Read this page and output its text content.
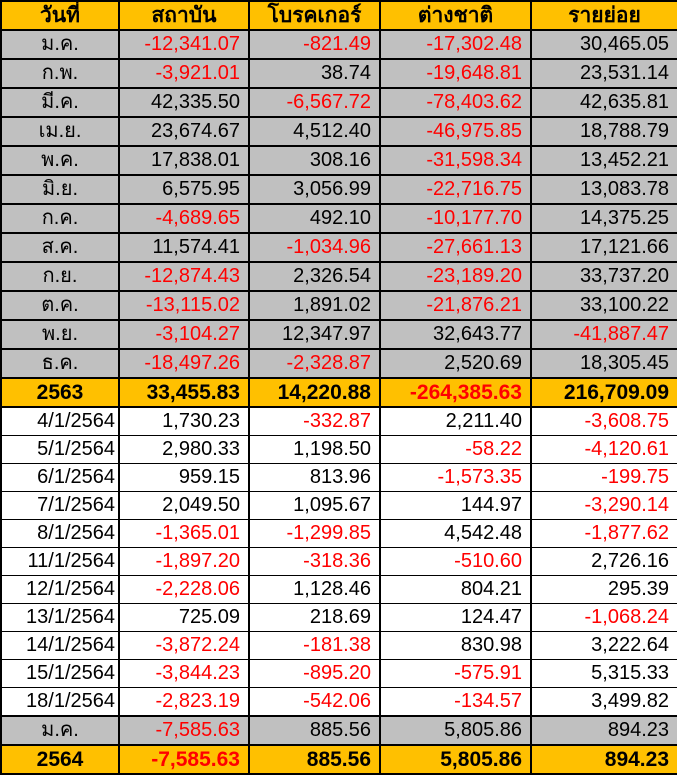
วันที่	สถาบัน	โบรคเกอร์	ต่างชาติ	รายย่อย
ม.ค.	-12,341.07	-821.49	-17,302.48	30,465.05
ก.พ.	-3,921.01	38.74	-19,648.81	23,531.14
มี.ค.	42,335.50	-6,567.72	-78,403.62	42,635.81
เม.ย.	23,674.67	4,512.40	-46,975.85	18,788.79
พ.ค.	17,838.01	308.16	-31,598.34	13,452.21
มิ.ย.	6,575.95	3,056.99	-22,716.75	13,083.78
ก.ค.	-4,689.65	492.10	-10,177.70	14,375.25
ส.ค.	11,574.41	-1,034.96	-27,661.13	17,121.66
ก.ย.	-12,874.43	2,326.54	-23,189.20	33,737.20
ต.ค.	-13,115.02	1,891.02	-21,876.21	33,100.22
พ.ย.	-3,104.27	12,347.97	32,643.77	-41,887.47
ธ.ค.	-18,497.26	-2,328.87	2,520.69	18,305.45
2563	33,455.83	14,220.88	-264,385.63	216,709.09
4/1/2564	1,730.23	-332.87	2,211.40	-3,608.75
5/1/2564	2,980.33	1,198.50	-58.22	-4,120.61
6/1/2564	959.15	813.96	-1,573.35	-199.75
7/1/2564	2,049.50	1,095.67	144.97	-3,290.14
8/1/2564	-1,365.01	-1,299.85	4,542.48	-1,877.62
11/1/2564	-1,897.20	-318.36	-510.60	2,726.16
12/1/2564	-2,228.06	1,128.46	804.21	295.39
13/1/2564	725.09	218.69	124.47	-1,068.24
14/1/2564	-3,872.24	-181.38	830.98	3,222.64
15/1/2564	-3,844.23	-895.20	-575.91	5,315.33
18/1/2564	-2,823.19	-542.06	-134.57	3,499.82
ม.ค.	-7,585.63	885.56	5,805.86	894.23
2564	-7,585.63	885.56	5,805.86	894.23
